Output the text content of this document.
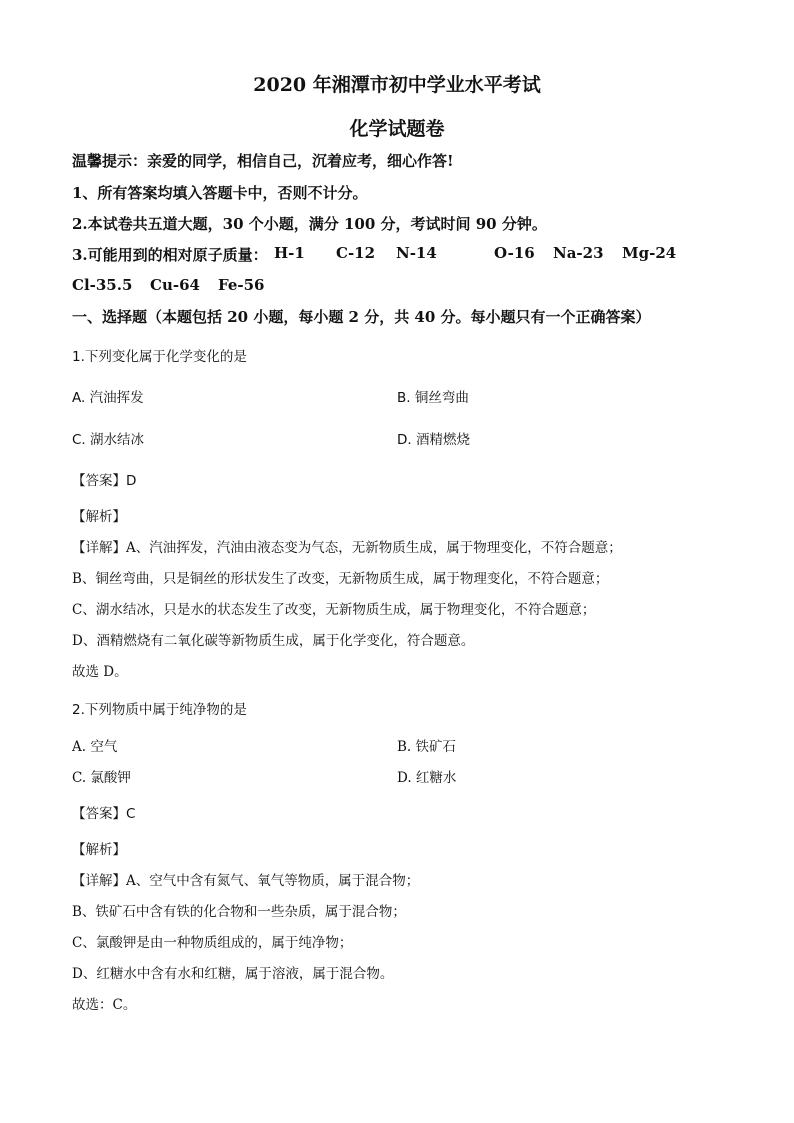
2020 年湘潭市初中学业水平考试
化学试题卷
温馨提示：亲爱的同学，相信自己，沉着应考，细心作答!
1、所有答案均填入答题卡中，否则不计分。
2.本试卷共五道大题，30 个小题，满分 100 分，考试时间 90 分钟。
3.可能用到的相对原子质量： H-1 C-12 N-14	O-16 Na-23 Mg-24
Cl-35.5 Cu-64 Fe-56
一、选择题（本题包括 20 小题，每小题 2 分，共 40 分。每小题只有一个正确答案）
1.下列变化属于化学变化的是
A. 汽油挥发	B. 铜丝弯曲
C. 湖水结冰	D. 酒精燃烧
【答案】D
【解析】
【详解】A、汽油挥发，汽油由液态变为气态，无新物质生成，属于物理变化，不符合题意；
B、铜丝弯曲，只是铜丝的形状发生了改变，无新物质生成，属于物理变化，不符合题意；
C、湖水结冰，只是水的状态发生了改变，无新物质生成，属于物理变化，不符合题意；
D、酒精燃烧有二氧化碳等新物质生成，属于化学变化，符合题意。
故选 D。
2.下列物质中属于纯净物的是
A. 空气	B. 铁矿石
C. 氯酸钾	D. 红糖水
【答案】C
【解析】
【详解】A、空气中含有氮气、氧气等物质，属于混合物；
B、铁矿石中含有铁的化合物和一些杂质，属于混合物；
C、氯酸钾是由一种物质组成的，属于纯净物；
D、红糖水中含有水和红糖，属于溶液，属于混合物。
故选：C。
